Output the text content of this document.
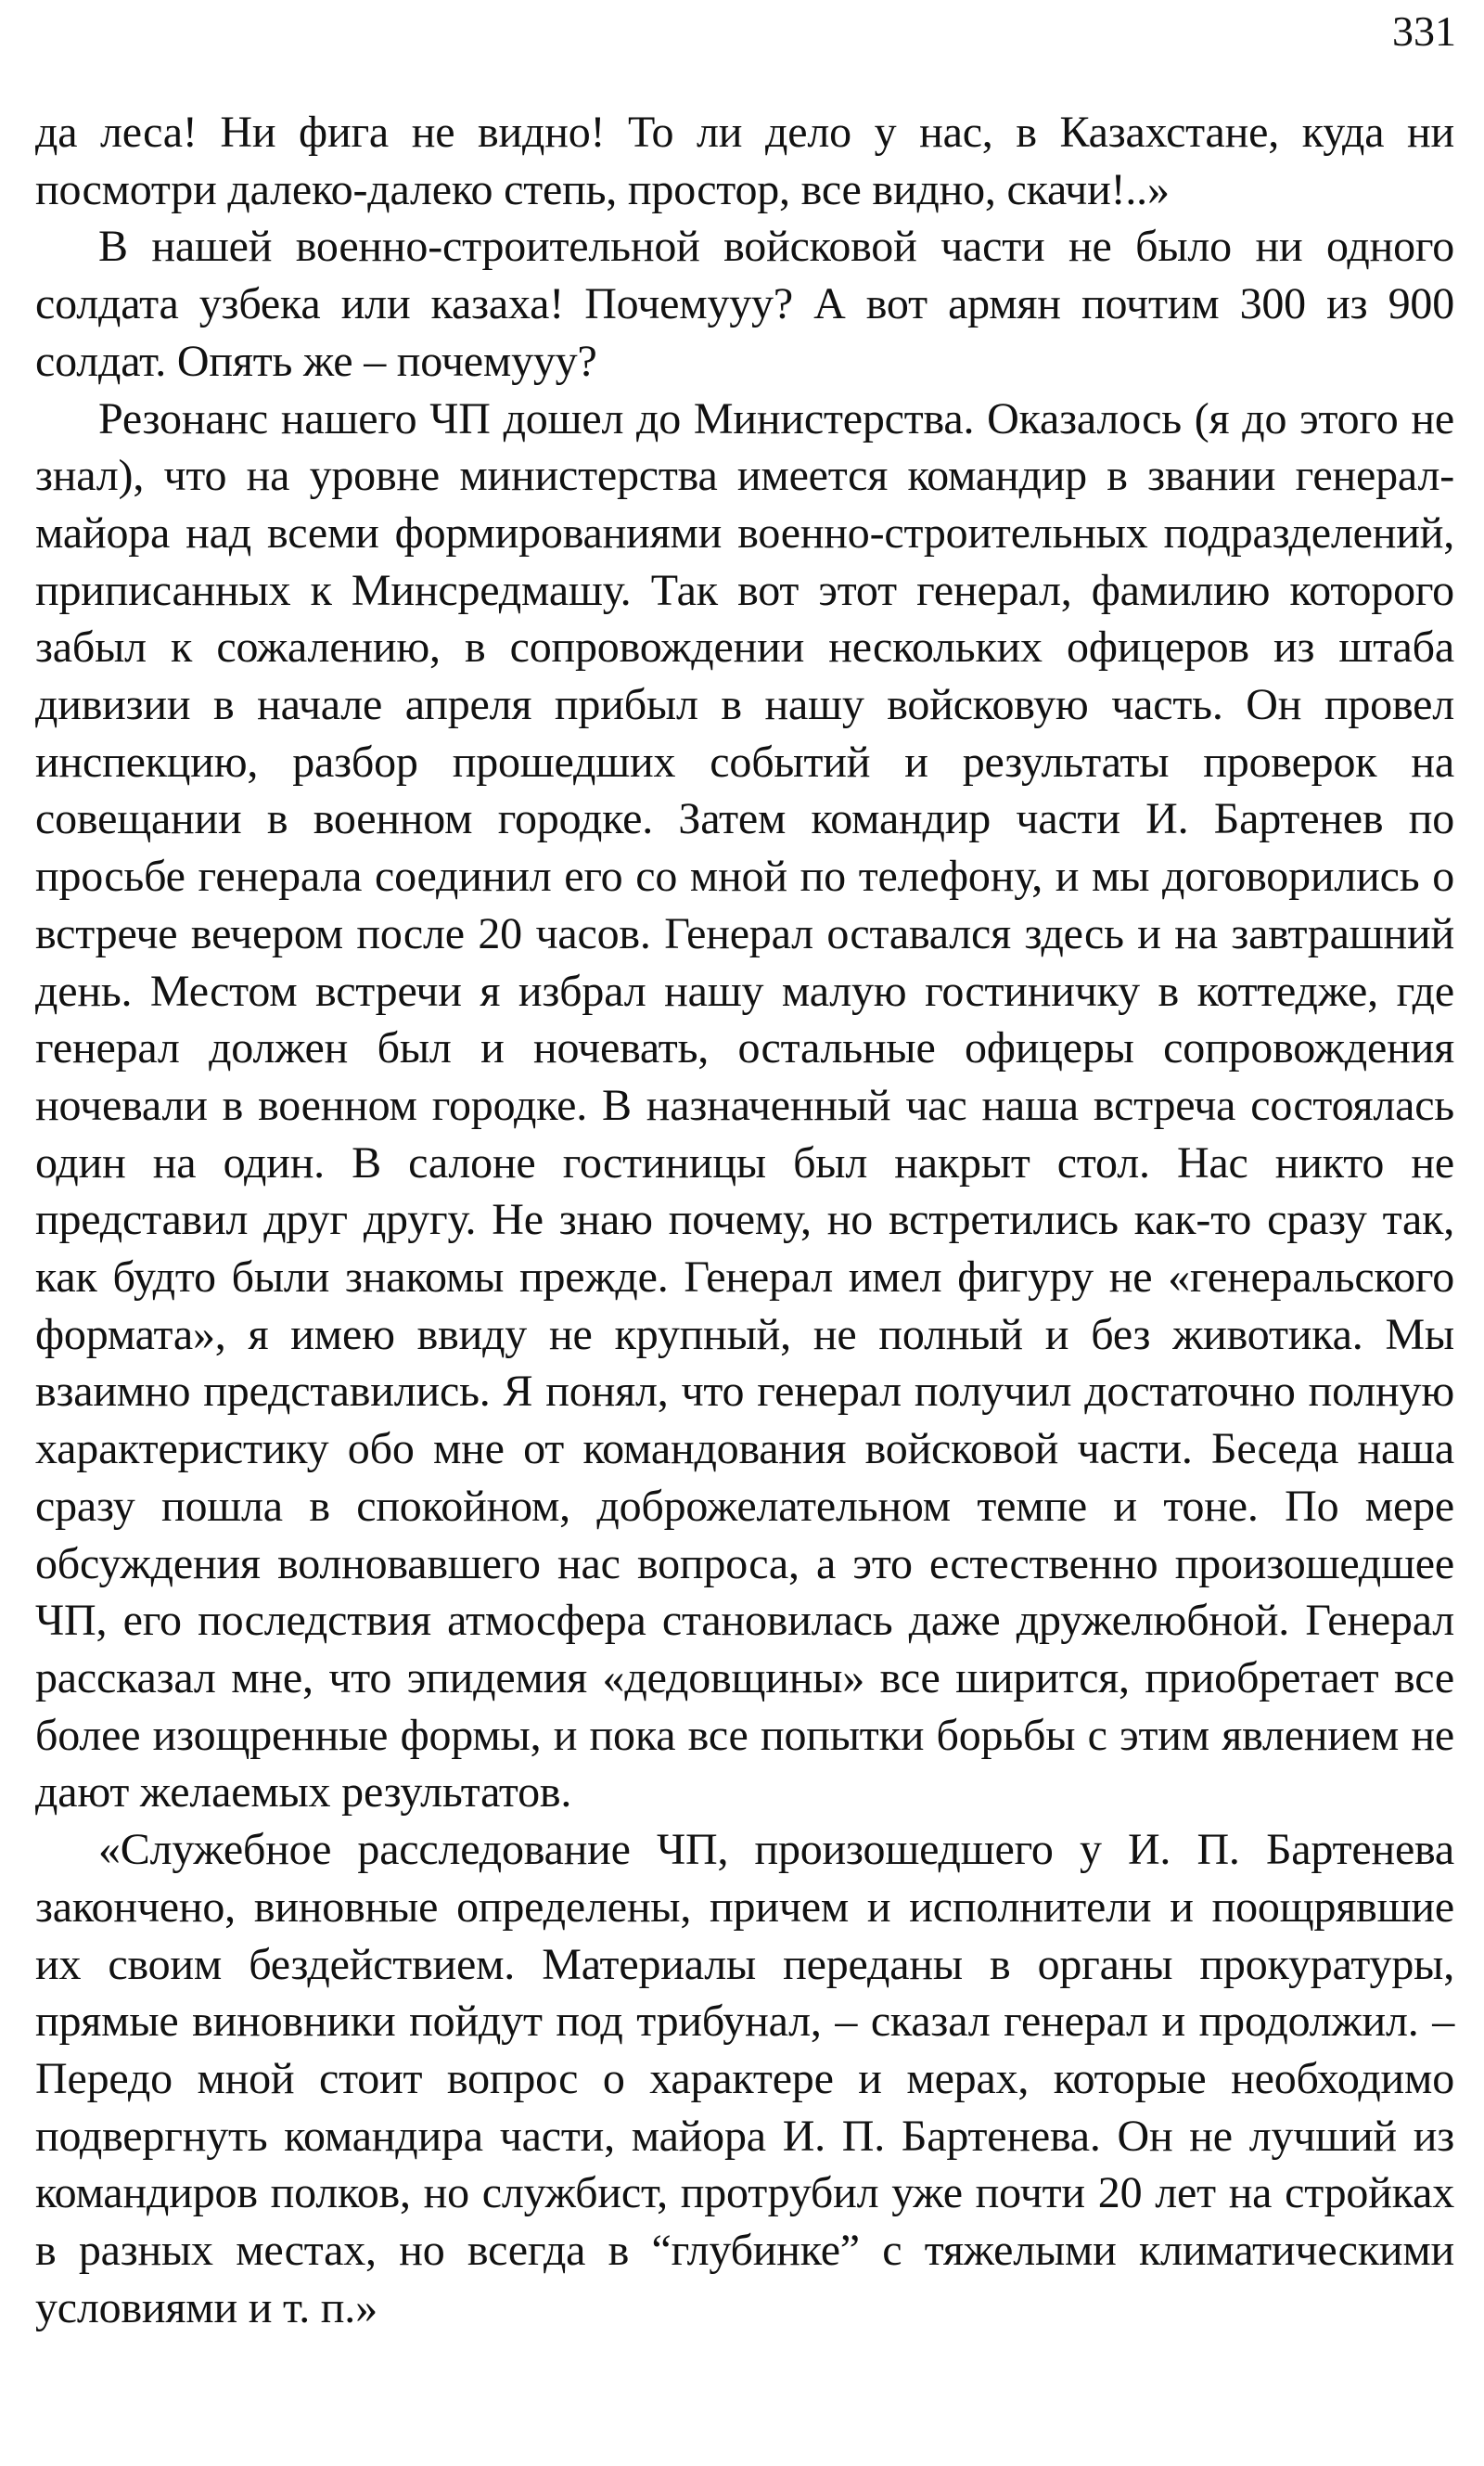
331

да леса! Ни фига не видно! То ли дело у нас, в Казахстане, куда ни посмотри далеко-далеко степь, простор, все видно, скачи!..»

В нашей военно-строительной войсковой части не было ни одного солдата узбека или казаха! Почемууу? А вот армян почтим 300 из 900 солдат. Опять же – почемууу?

Резонанс нашего ЧП дошел до Министерства. Оказалось (я до этого не знал), что на уровне министерства имеется командир в звании генерал-майора над всеми формированиями военно-строительных подразделений, приписанных к Минсредмашу. Так вот этот генерал, фамилию которого забыл к сожалению, в сопровождении нескольких офицеров из штаба дивизии в начале апреля прибыл в нашу войсковую часть. Он провел инспекцию, разбор прошедших событий и результаты проверок на совещании в военном городке. Затем командир части И. Бартенев по просьбе генерала соединил его со мной по телефону, и мы договорились о встрече вечером после 20 часов. Генерал оставался здесь и на завтрашний день. Местом встречи я избрал нашу малую гостиничку в коттедже, где генерал должен был и ночевать, остальные офицеры сопровождения ночевали в военном городке. В назначенный час наша встреча состоялась один на один. В салоне гостиницы был накрыт стол. Нас никто не представил друг другу. Не знаю почему, но встретились как-то сразу так, как будто были знакомы прежде. Генерал имел фигуру не «генеральского формата», я имею ввиду не крупный, не полный и без животика. Мы взаимно представились. Я понял, что генерал получил достаточно полную характеристику обо мне от командования войсковой части. Беседа наша сразу пошла в спокойном, доброжелательном темпе и тоне. По мере обсуждения волновавшего нас вопроса, а это естественно произошедшее ЧП, его последствия атмосфера становилась даже дружелюбной. Генерал рассказал мне, что эпидемия «дедовщины» все ширится, приобретает все более изощренные формы, и пока все попытки борьбы с этим явлением не дают желаемых результатов.

«Служебное расследование ЧП, произошедшего у И. П. Бартенева закончено, виновные определены, причем и исполнители и поощрявшие их своим бездействием. Материалы переданы в органы прокуратуры, прямые виновники пойдут под трибунал, – сказал генерал и продолжил. – Передо мной стоит вопрос о характере и мерах, которые необходимо подвергнуть командира части, майора И. П. Бартенева. Он не лучший из командиров полков, но службист, протрубил уже почти 20 лет на стройках в разных местах, но всегда в “глубинке” с тяжелыми климатическими условиями и т. п.»
